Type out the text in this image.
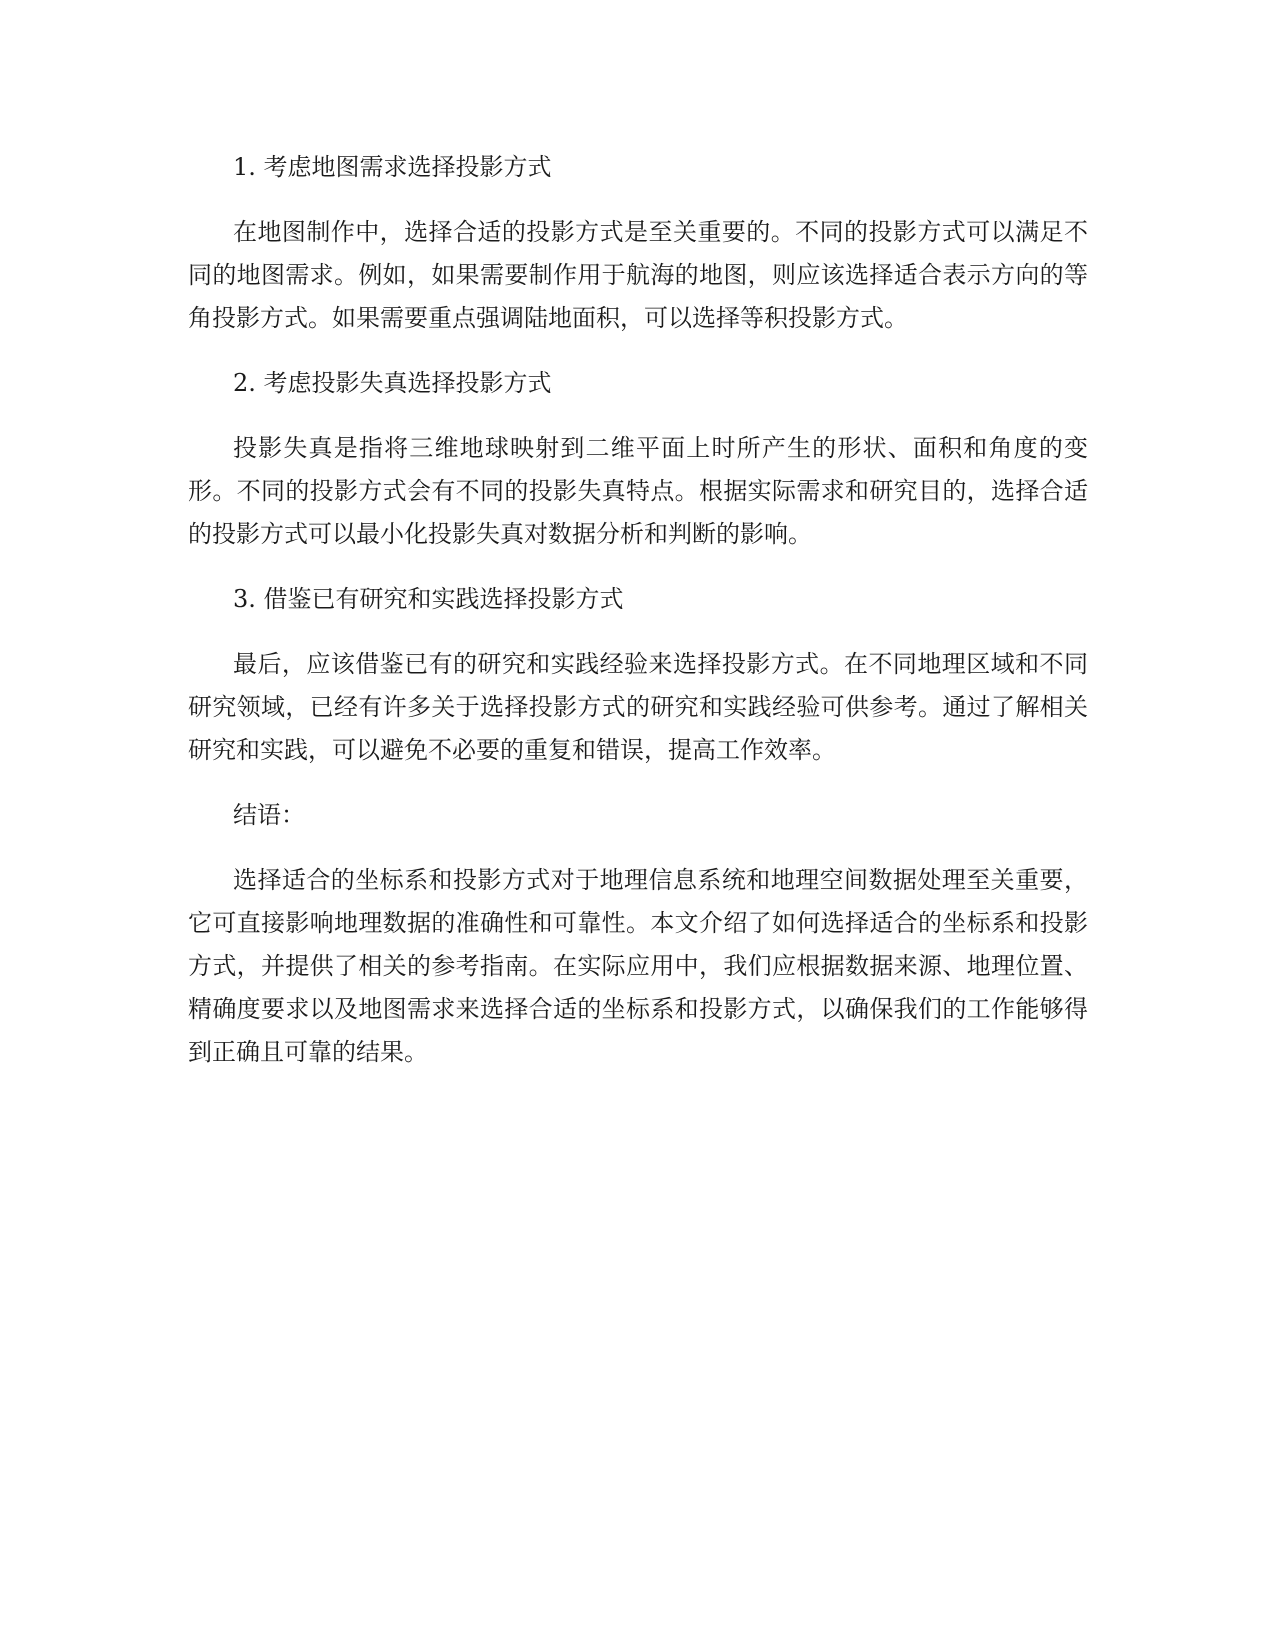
1. 考虑地图需求选择投影方式

在地图制作中，选择合适的投影方式是至关重要的。不同的投影方式可以满足不同的地图需求。例如，如果需要制作用于航海的地图，则应该选择适合表示方向的等角投影方式。如果需要重点强调陆地面积，可以选择等积投影方式。

2. 考虑投影失真选择投影方式

投影失真是指将三维地球映射到二维平面上时所产生的形状、面积和角度的变形。不同的投影方式会有不同的投影失真特点。根据实际需求和研究目的，选择合适的投影方式可以最小化投影失真对数据分析和判断的影响。

3. 借鉴已有研究和实践选择投影方式

最后，应该借鉴已有的研究和实践经验来选择投影方式。在不同地理区域和不同研究领域，已经有许多关于选择投影方式的研究和实践经验可供参考。通过了解相关研究和实践，可以避免不必要的重复和错误，提高工作效率。

结语：

选择适合的坐标系和投影方式对于地理信息系统和地理空间数据处理至关重要，它可直接影响地理数据的准确性和可靠性。本文介绍了如何选择适合的坐标系和投影方式，并提供了相关的参考指南。在实际应用中，我们应根据数据来源、地理位置、精确度要求以及地图需求来选择合适的坐标系和投影方式，以确保我们的工作能够得到正确且可靠的结果。
